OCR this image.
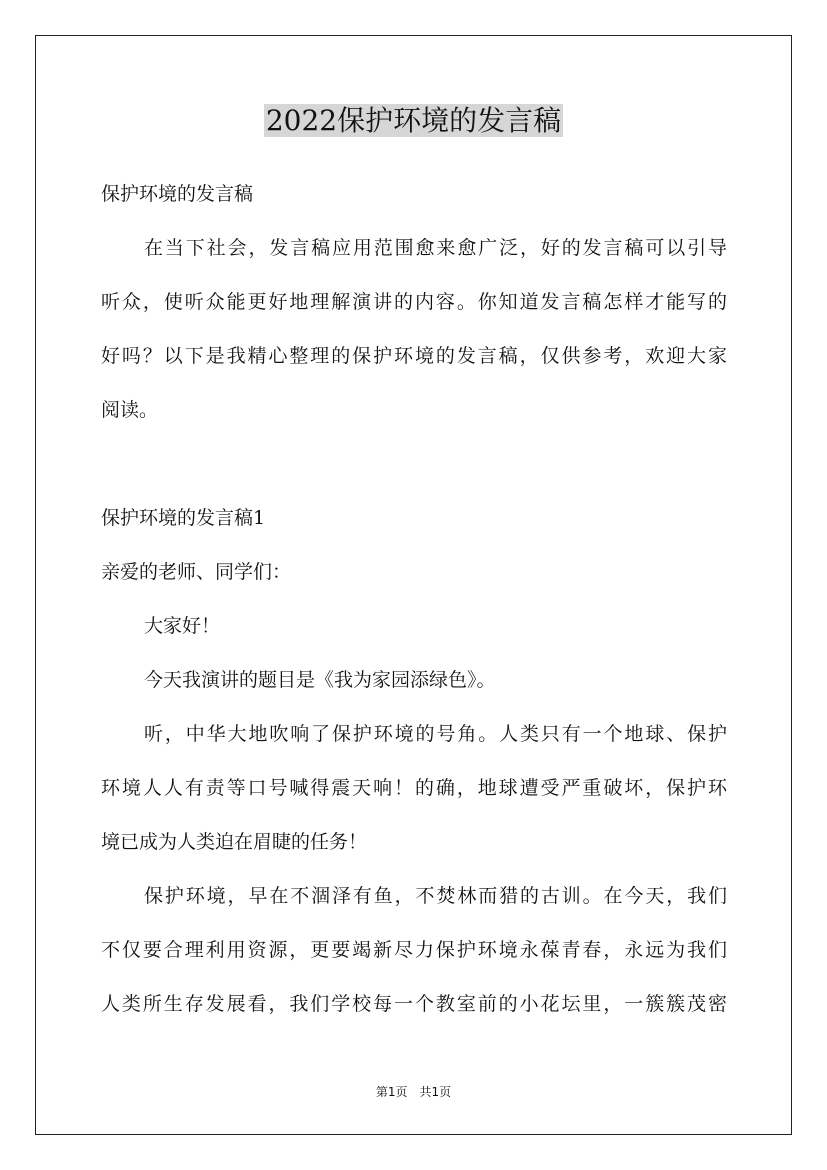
2022保护环境的发言稿
保护环境的发言稿
在当下社会，发言稿应用范围愈来愈广泛，好的发言稿可以引导
听众，使听众能更好地理解演讲的内容。你知道发言稿怎样才能写的
好吗？以下是我精心整理的保护环境的发言稿，仅供参考，欢迎大家
阅读。
保护环境的发言稿1
亲爱的老师、同学们：
大家好！
今天我演讲的题目是《我为家园添绿色》。
听，中华大地吹响了保护环境的号角。人类只有一个地球、保护
环境人人有责等口号喊得震天响！的确，地球遭受严重破坏，保护环
境已成为人类迫在眉睫的任务！
保护环境，早在不涸泽有鱼，不焚林而猎的古训。在今天，我们
不仅要合理利用资源，更要竭新尽力保护环境永葆青春，永远为我们
人类所生存发展看，我们学校每一个教室前的小花坛里，一簇簇茂密
第1页　共1页
